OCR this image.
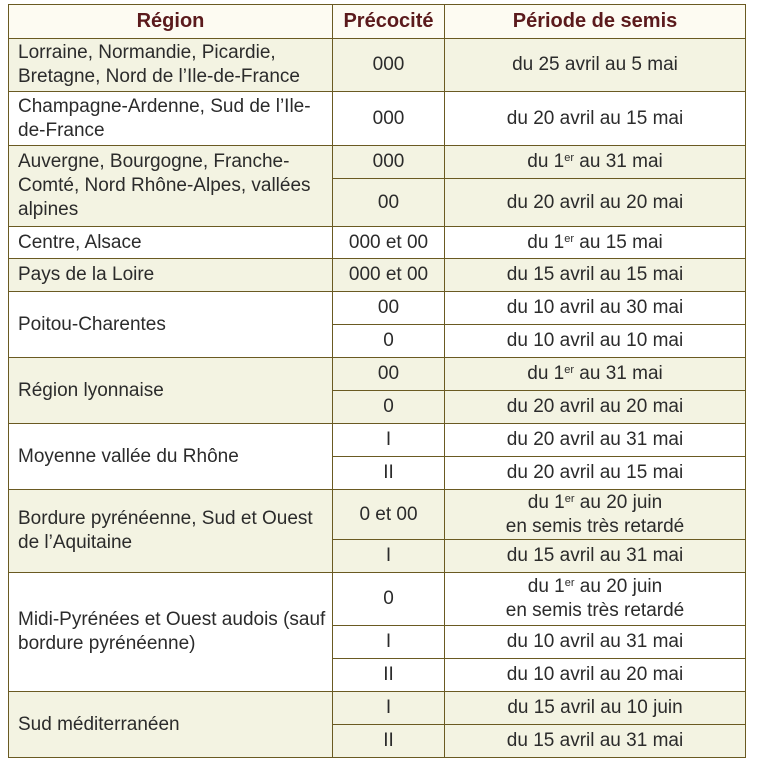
Région	Précocité	Période de semis
Lorraine, Normandie, Picardie, Bretagne, Nord de l’Ile-de-France	000	du 25 avril au 5 mai
Champagne-Ardenne, Sud de l’Ile-de-France	000	du 20 avril au 15 mai
Auvergne, Bourgogne, Franche-Comté, Nord Rhône-Alpes, vallées alpines	000	du 1er au 31 mai
	00	du 20 avril au 20 mai
Centre, Alsace	000 et 00	du 1er au 15 mai
Pays de la Loire	000 et 00	du 15 avril au 15 mai
Poitou-Charentes	00	du 10 avril au 30 mai
	0	du 10 avril au 10 mai
Région lyonnaise	00	du 1er au 31 mai
	0	du 20 avril au 20 mai
Moyenne vallée du Rhône	I	du 20 avril au 31 mai
	II	du 20 avril au 15 mai
Bordure pyrénéenne, Sud et Ouest de l’Aquitaine	0 et 00	du 1er au 20 juin
en semis très retardé

	I	du 15 avril au 31 mai
Midi-Pyrénées et Ouest audois (sauf bordure pyrénéenne)	0	du 1er au 20 juin
en semis très retardé

	I	du 10 avril au 31 mai
	II	du 10 avril au 20 mai
Sud méditerranéen	I	du 15 avril au 10 juin
	II	du 15 avril au 31 mai
